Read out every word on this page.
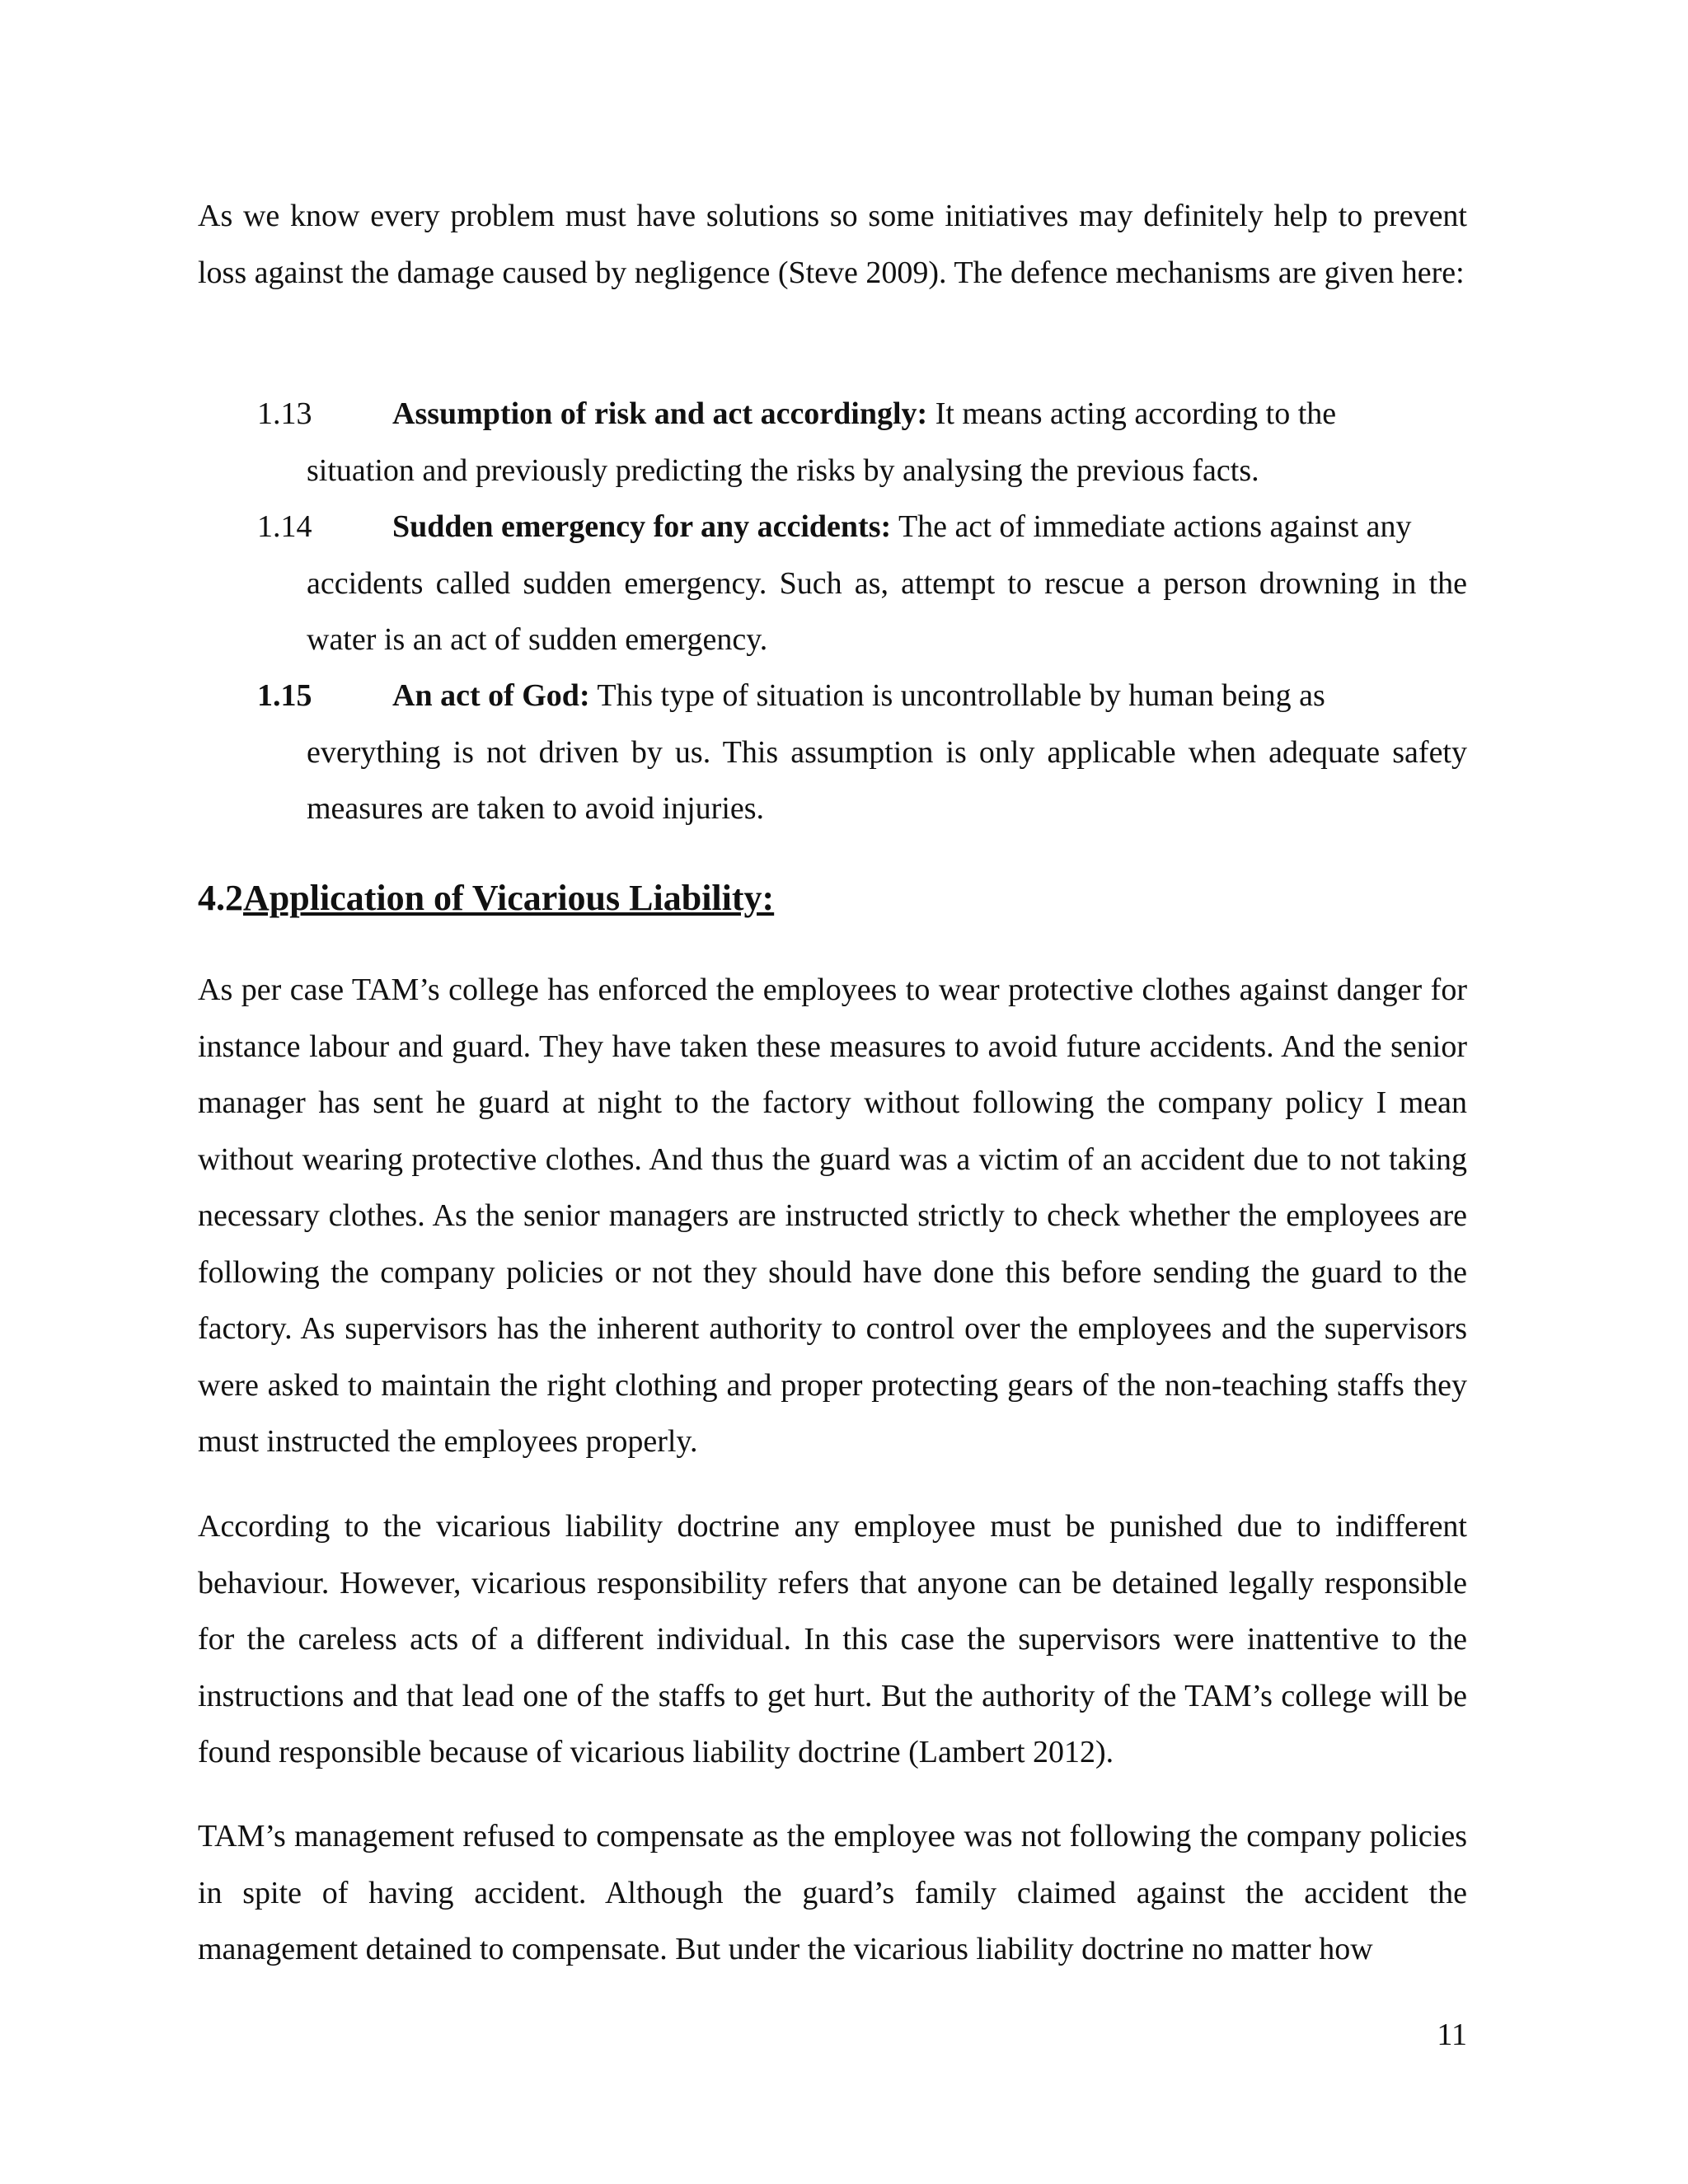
As we know every problem must have solutions so some initiatives may definitely help to prevent loss against the damage caused by negligence (Steve 2009). The defence mechanisms are given here:

1.13	Assumption of risk and act accordingly: It means acting according to the
situation and previously predicting the risks by analysing the previous facts.

1.14	Sudden emergency for any accidents: The act of immediate actions against any
accidents called sudden emergency. Such as, attempt to rescue a person drowning in the water is an act of sudden emergency.

1.15	An act of God: This type of situation is uncontrollable by human being as
everything is not driven by us. This assumption is only applicable when adequate safety measures are taken to avoid injuries.

4.2Application of Vicarious Liability:

As per case TAM’s college has enforced the employees to wear protective clothes against danger for instance labour and guard. They have taken these measures to avoid future accidents. And the senior manager has sent he guard at night to the factory without following the company policy I mean without wearing protective clothes. And thus the guard was a victim of an accident due to not taking necessary clothes. As the senior managers are instructed strictly to check whether the employees are following the company policies or not they should have done this before sending the guard to the factory. As supervisors has the inherent authority to control over the employees and the supervisors were asked to maintain the right clothing and proper protecting gears of the non-teaching staffs they must instructed the employees properly.

According to the vicarious liability doctrine any employee must be punished due to indifferent behaviour. However, vicarious responsibility refers that anyone can be detained legally responsible for the careless acts of a different individual. In this case the supervisors were inattentive to the instructions and that lead one of the staffs to get hurt. But the authority of the TAM’s college will be found responsible because of vicarious liability doctrine (Lambert 2012).

TAM’s management refused to compensate as the employee was not following the company policies in spite of having accident. Although the guard’s family claimed against the accident the management detained to compensate. But under the vicarious liability doctrine no matter how

11
